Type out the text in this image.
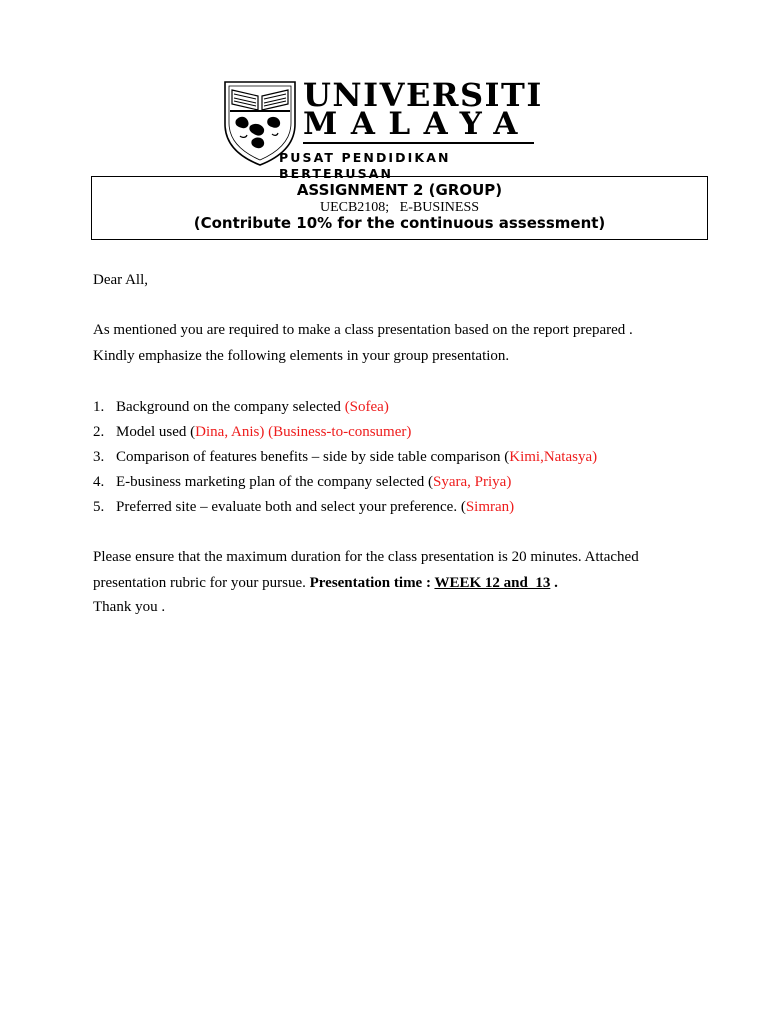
UNIVERSITI
MALAYA
PUSAT PENDIDIKAN BERTERUSAN
ASSIGNMENT 2 (GROUP)
UECB2108;   E-BUSINESS
(Contribute 10% for the continuous assessment)
Dear All,
As mentioned you are required to make a class presentation based on the report prepared .
Kindly emphasize the following elements in your group presentation.
1. Background on the company selected (Sofea)
2. Model used (Dina, Anis) (Business-to-consumer)
3. Comparison of features benefits – side by side table comparison (Kimi,Natasya)
4. E-business marketing plan of the company selected (Syara, Priya)
5. Preferred site – evaluate both and select your preference. (Simran)
Please ensure that the maximum duration for the class presentation is 20 minutes. Attached
presentation rubric for your pursue. Presentation time : WEEK 12 and  13 .
Thank you .
